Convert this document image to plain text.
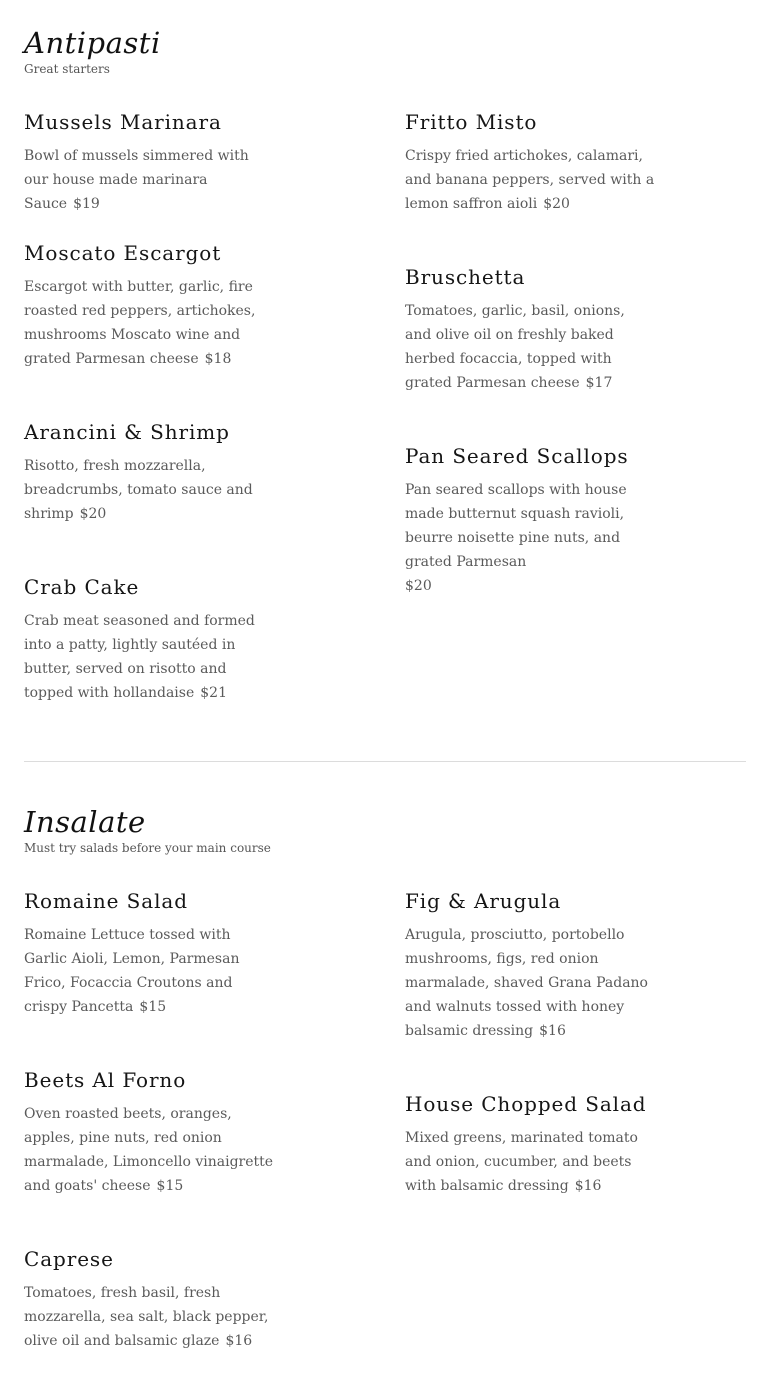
Antipasti
Great starters
Mussels Marinara

Bowl of mussels simmered with our house made marinara Sauce $19

Moscato Escargot

Escargot with butter, garlic, fire roasted red peppers, artichokes, mushrooms Moscato wine and grated Parmesan cheese $18

Arancini & Shrimp

Risotto, fresh mozzarella, breadcrumbs, tomato sauce and shrimp $20

Crab Cake

Crab meat seasoned and formed into a patty, lightly sautéed in butter, served on risotto and topped with hollandaise $21

Fritto Misto

Crispy fried artichokes, calamari, and banana peppers, served with a lemon saffron aioli $20

Bruschetta

Tomatoes, garlic, basil, onions, and olive oil on freshly baked herbed focaccia, topped with grated Parmesan cheese $17

Pan Seared Scallops

Pan seared scallops with house made butternut squash ravioli, beurre noisette pine nuts, and grated Parmesan
$20

Insalate
Must try salads before your main course
Romaine Salad

Romaine Lettuce tossed with Garlic Aioli, Lemon, Parmesan Frico, Focaccia Croutons and crispy Pancetta $15

Beets Al Forno

Oven roasted beets, oranges, apples, pine nuts, red onion marmalade, Limoncello vinaigrette and goats' cheese $15

Caprese

Tomatoes, fresh basil, fresh mozzarella, sea salt, black pepper, olive oil and balsamic glaze $16

Fig & Arugula

Arugula, prosciutto, portobello mushrooms, figs, red onion marmalade, shaved Grana Padano and walnuts tossed with honey balsamic dressing $16

House Chopped Salad

Mixed greens, marinated tomato and onion, cucumber, and beets with balsamic dressing $16
